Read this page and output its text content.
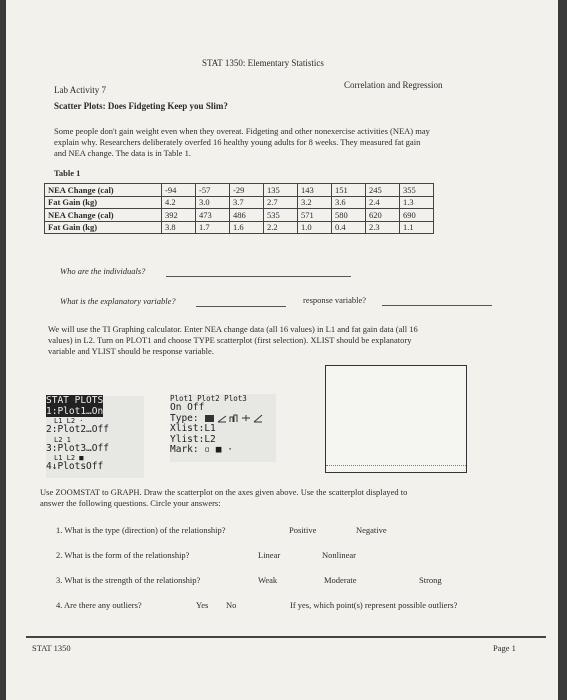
STAT 1350: Elementary Statistics
Lab Activity 7	Correlation and Regression
Scatter Plots: Does Fidgeting Keep you Slim?
Some people don't gain weight even when they overeat. Fidgeting and other nonexercise activities (NEA) may
explain why. Researchers deliberately overfed 16 healthy young adults for 8 weeks. They measured fat gain
and NEA change. The data is in Table 1.
Table 1
NEA Change (cal)	-94	-57	-29	135	143	151	245	355
Fat Gain (kg)	4.2	3.0	3.7	2.7	3.2	3.6	2.4	1.3
NEA Change (cal)	392	473	486	535	571	580	620	690
Fat Gain (kg)	3.8	1.7	1.6	2.2	1.0	0.4	2.3	1.1
Who are the individuals?
What is the explanatory variable?	response variable?
We will use the TI Graphing calculator. Enter NEA change data (all 16 values) in L1 and fat gain data (all 16
values) in L2. Turn on PLOT1 and choose TYPE scatterplot (first selection). XLIST should be explanatory
variable and YLIST should be response variable.
STAT PLOTS
1:Plot1…On
L1 L2 ·
2:Plot2…Off
L2 1
3:Plot3…Off
L1 L2 ■
4↓PlotsOff
Plot1 Plot2 Plot3
On Off
Type:
Xlist:L1
Ylist:L2
Mark: ▫ ■ ·
Use ZOOMSTAT to GRAPH. Draw the scatterplot on the axes given above. Use the scatterplot displayed to
answer the following questions. Circle your answers:
1. What is the type (direction) of the relationship?	Positive	Negative
2. What is the form of the relationship?	Linear	Nonlinear
3. What is the strength of the relationship?	Weak	Moderate	Strong
4. Are there any outliers?	Yes No	If yes, which point(s) represent possible outliers?
STAT 1350	Page 1
